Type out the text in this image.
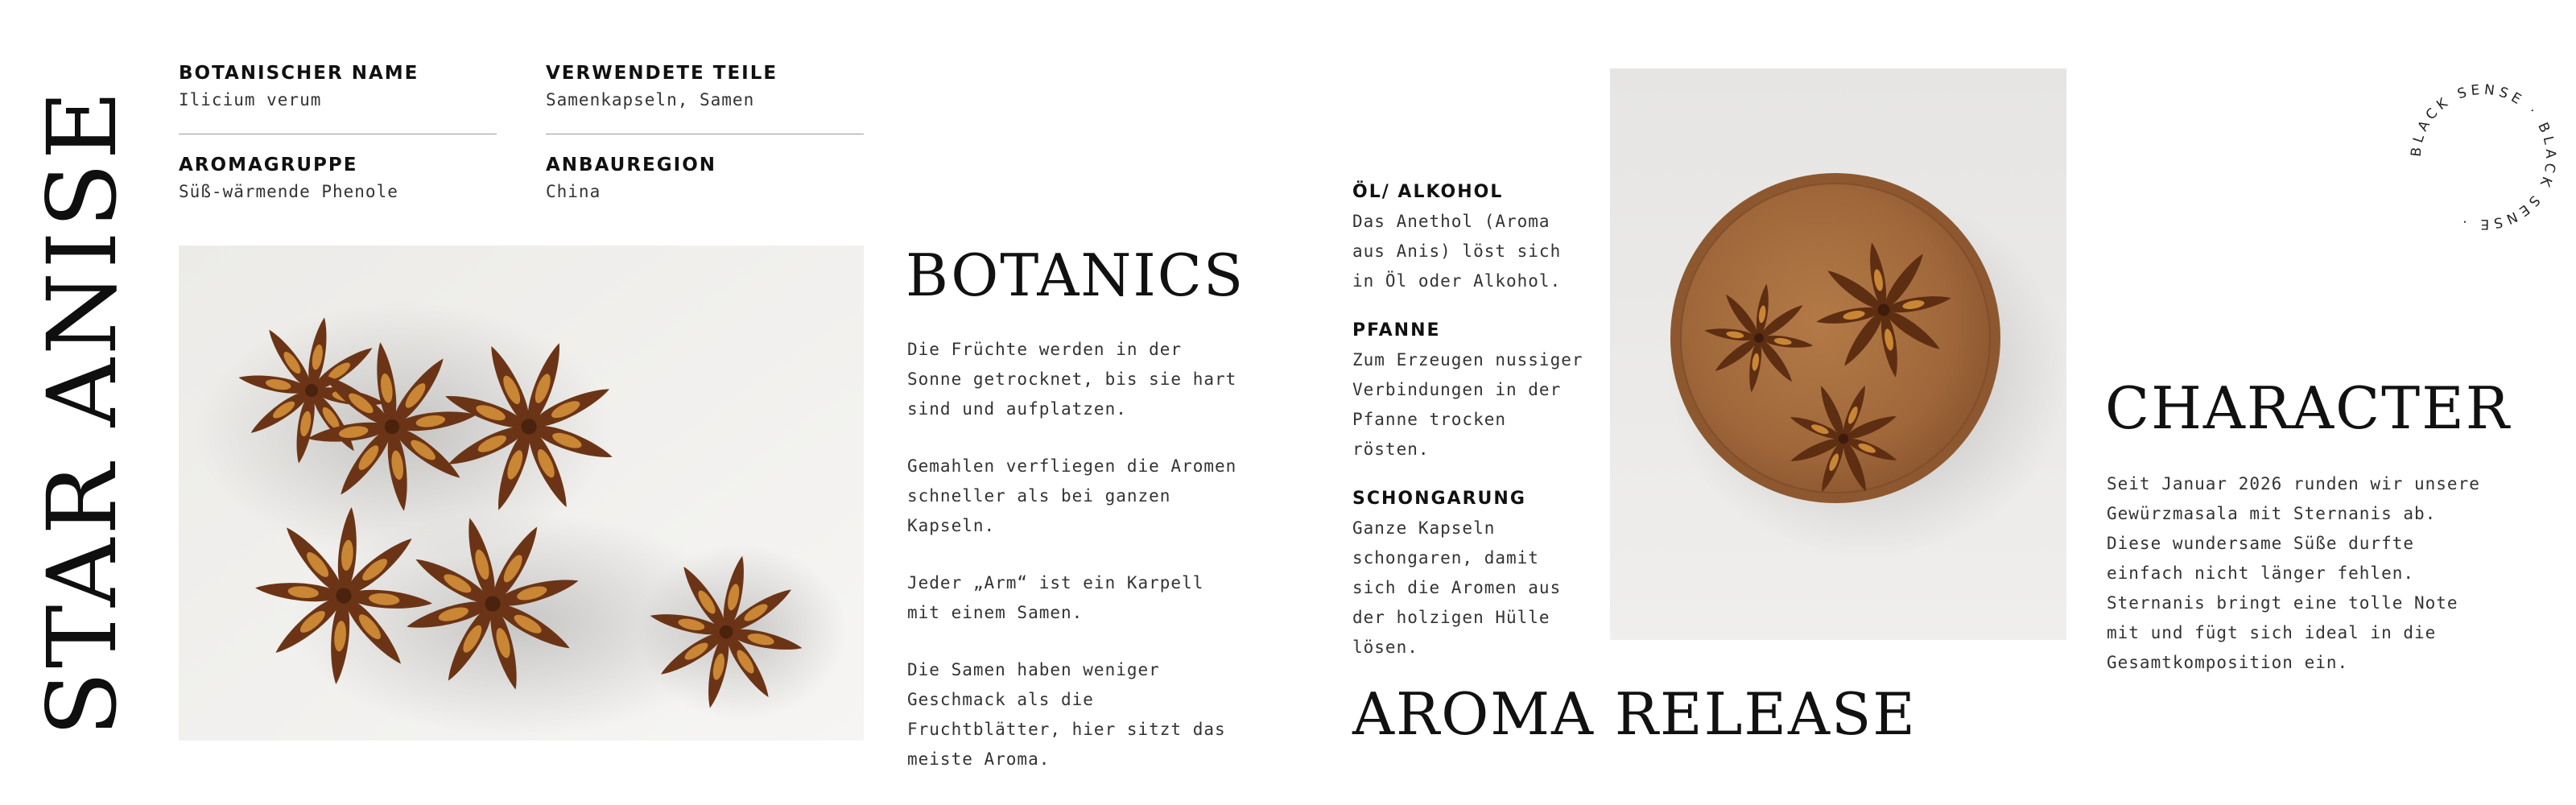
STAR ANISE
BOTANISCHER NAME
Ilicium verum
VERWENDETE TEILE
Samenkapseln, Samen
AROMAGRUPPE
Süß-wärmende Phenole
ANBAUREGION
China
BOTANICS

Die Früchte werden in der Sonne getrocknet, bis sie hart sind und aufplatzen.

Gemahlen verfliegen die Aromen schneller als bei ganzen Kapseln.

Jeder „Arm“ ist ein Karpell mit einem Samen.

Die Samen haben weniger Geschmack als die Fruchtblätter, hier sitzt das meiste Aroma.

ÖL/ ALKOHOL
Das Anethol (Aroma aus Anis) löst sich in Öl oder Alkohol.
PFANNE
Zum Erzeugen nussiger Verbindungen in der Pfanne trocken rösten.
SCHONGARUNG
Ganze Kapseln schongaren, damit sich die Aromen aus der holzigen Hülle lösen.
AROMA RELEASE
BLACK SENSE · BLACK SENSE ·
CHARACTER
Seit Januar 2026 runden wir unsere Gewürzmasala mit Sternanis ab. Diese wundersame Süße durfte einfach nicht länger fehlen. Sternanis bringt eine tolle Note mit und fügt sich ideal in die Gesamtkomposition ein.
